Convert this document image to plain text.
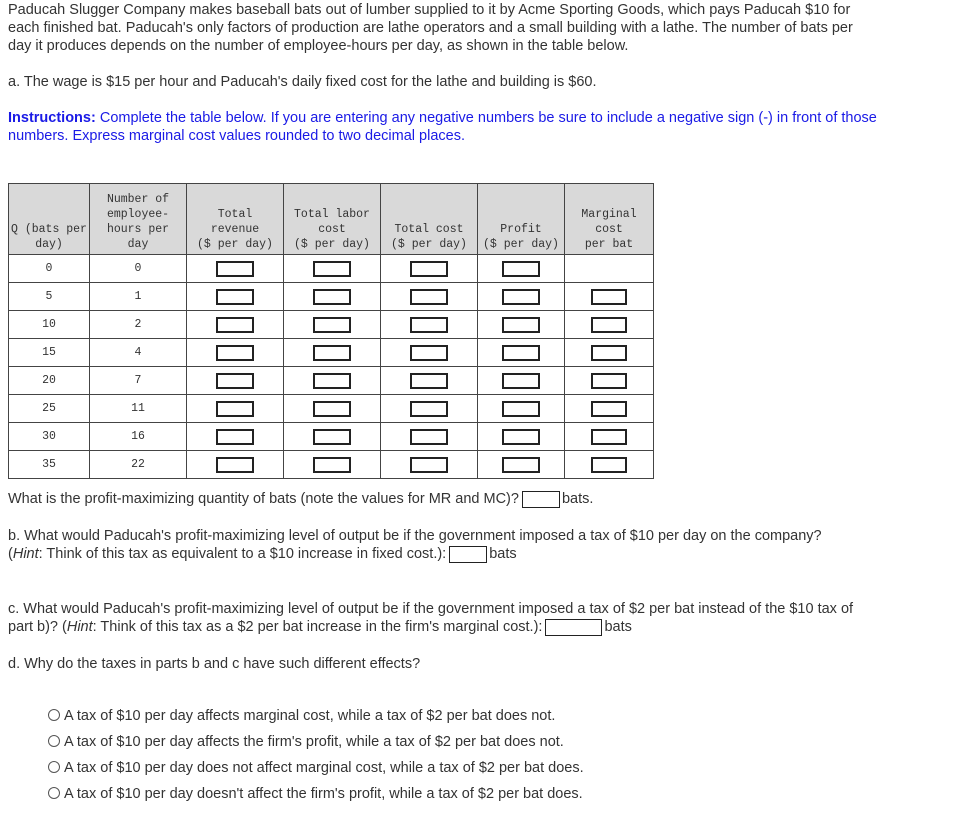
Paducah Slugger Company makes baseball bats out of lumber supplied to it by Acme Sporting Goods, which pays Paducah $10 for

each finished bat. Paducah's only factors of production are lathe operators and a small building with a lathe. The number of bats per

day it produces depends on the number of employee-hours per day, as shown in the table below.

a. The wage is $15 per hour and Paducah's daily fixed cost for the lathe and building is $60.

Instructions: Complete the table below. If you are entering any negative numbers be sure to include a negative sign (-) in front of those

numbers. Express marginal cost values rounded to two decimal places.

Q (bats per
day)	Number of
employee-
hours per
day	Total
revenue
($ per day)	Total labor
cost
($ per day)	Total cost
($ per day)	Profit
($ per day)	Marginal
cost
per bat
0	0					
5	1					
10	2					
15	4					
20	7					
25	11					
30	16					
35	22					

What is the profit-maximizing quantity of bats (note the values for MR and MC)?	bats.

b. What would Paducah's profit-maximizing level of output be if the government imposed a tax of $10 per day on the company?

(Hint: Think of this tax as equivalent to a $10 increase in fixed cost.):	bats

c. What would Paducah's profit-maximizing level of output be if the government imposed a tax of $2 per bat instead of the $10 tax of

part b)? (Hint: Think of this tax as a $2 per bat increase in the firm's marginal cost.):	bats

d. Why do the taxes in parts b and c have such different effects?

A tax of $10 per day affects marginal cost, while a tax of $2 per bat does not.
A tax of $10 per day affects the firm's profit, while a tax of $2 per bat does not.
A tax of $10 per day does not affect marginal cost, while a tax of $2 per bat does.
A tax of $10 per day doesn't affect the firm's profit, while a tax of $2 per bat does.
